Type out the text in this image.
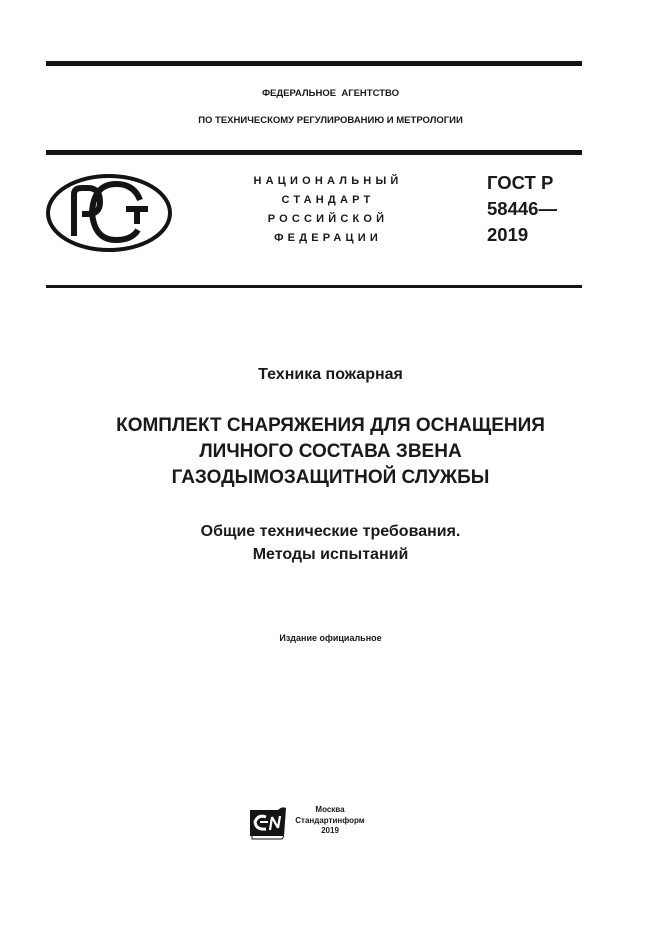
ФЕДЕРАЛЬНОЕ  АГЕНТСТВО
ПО ТЕХНИЧЕСКОМУ РЕГУЛИРОВАНИЮ И МЕТРОЛОГИИ
НАЦИОНАЛЬНЫЙ
СТАНДАРТ
РОССИЙСКОЙ
ФЕДЕРАЦИИ
ГОСТ Р
58446—
2019
Техника пожарная
КОМПЛЕКТ СНАРЯЖЕНИЯ ДЛЯ ОСНАЩЕНИЯ
ЛИЧНОГО СОСТАВА ЗВЕНА
ГАЗОДЫМОЗАЩИТНОЙ СЛУЖБЫ
Общие технические требования.
Методы испытаний
Издание официальное
Москва
Стандартинформ
2019
